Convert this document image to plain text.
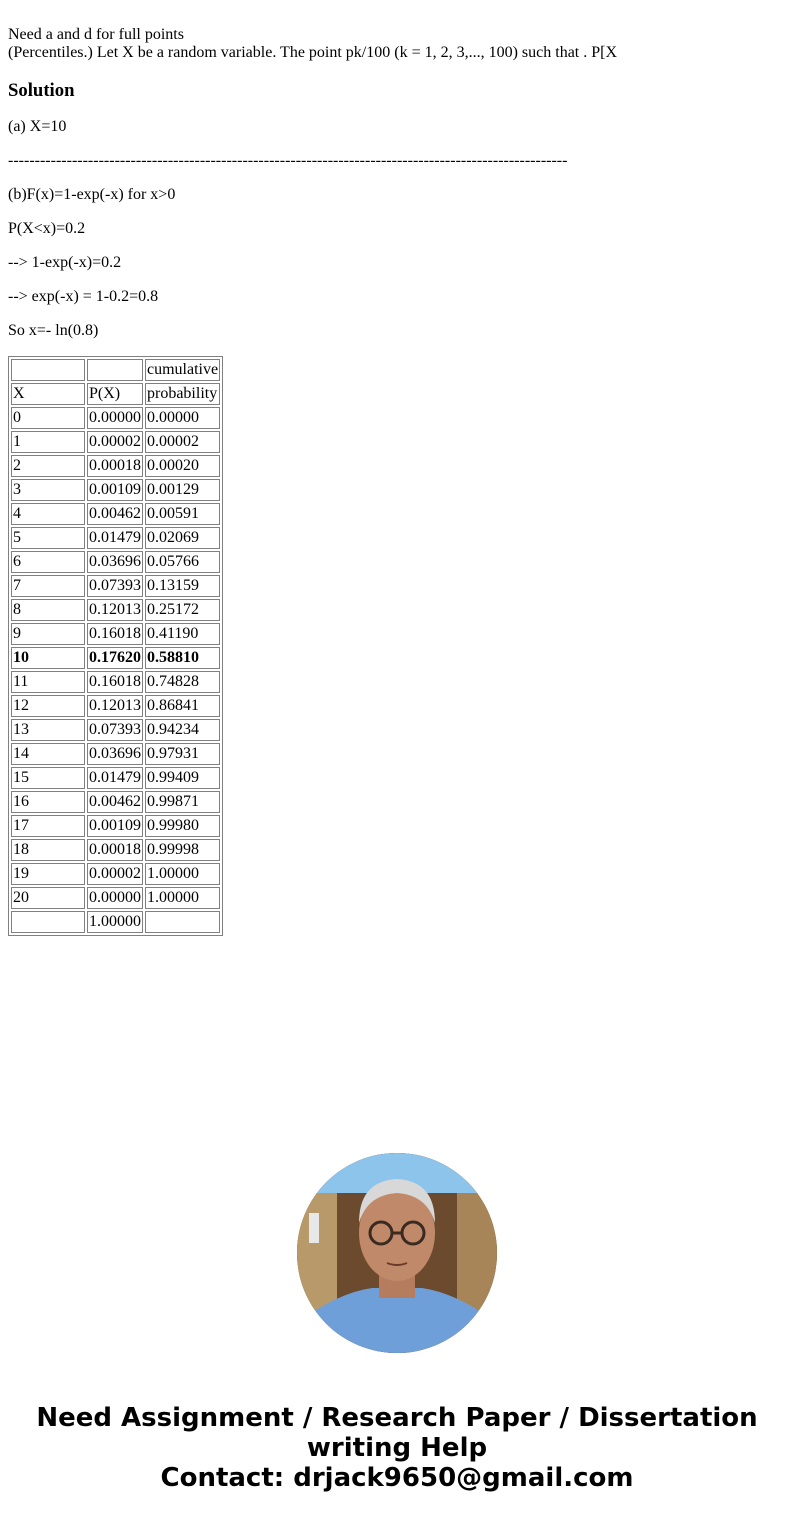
Need a and d for full points
(Percentiles.) Let X be a random variable. The point pk/100 (k = 1, 2, 3,..., 100) such that . P[X
Solution

(a) X=10

---------------------------------------------------------------------------------------------------------

(b)F(x)=1-exp(-x) for x>0

P(X<x)=0.2

--> 1-exp(-x)=0.2

--> exp(-x) = 1-0.2=0.8

So x=- ln(0.8)

		cumulative
X	P(X)	probability
0	0.00000	0.00000
1	0.00002	0.00002
2	0.00018	0.00020
3	0.00109	0.00129
4	0.00462	0.00591
5	0.01479	0.02069
6	0.03696	0.05766
7	0.07393	0.13159
8	0.12013	0.25172
9	0.16018	0.41190
10	0.17620	0.58810
11	0.16018	0.74828
12	0.12013	0.86841
13	0.07393	0.94234
14	0.03696	0.97931
15	0.01479	0.99409
16	0.00462	0.99871
17	0.00109	0.99980
18	0.00018	0.99998
19	0.00002	1.00000
20	0.00000	1.00000
	1.00000	
Need Assignment / Research Paper / Dissertation
writing Help
Contact: drjack9650@gmail.com
